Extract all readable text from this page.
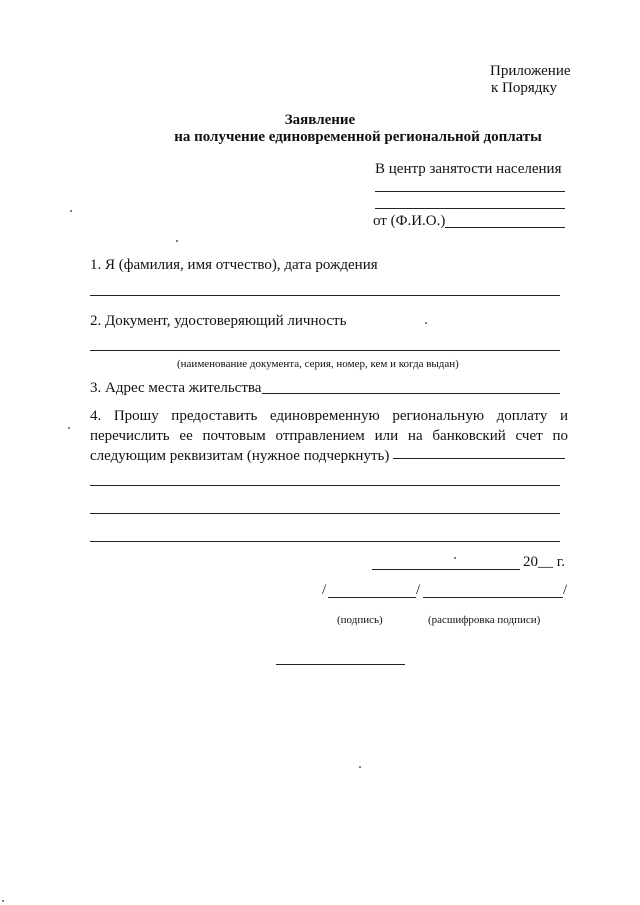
Приложение
к Порядку
Заявление
на получение единовременной региональной доплаты
В центр занятости населения
от (Ф.И.О.)
1. Я (фамилия, имя отчество), дата рождения
2. Документ, удостоверяющий личность
(наименование документа, серия, номер, кем и когда выдан)
3. Адрес места жительства
4. Прошу предоставить единовременную региональную доплату и
перечислить ее почтовым отправлением или на банковский счет по
следующим реквизитам (нужное подчеркнуть)
20__ г.
/	/	/
(подпись)	(расшифровка подписи)
